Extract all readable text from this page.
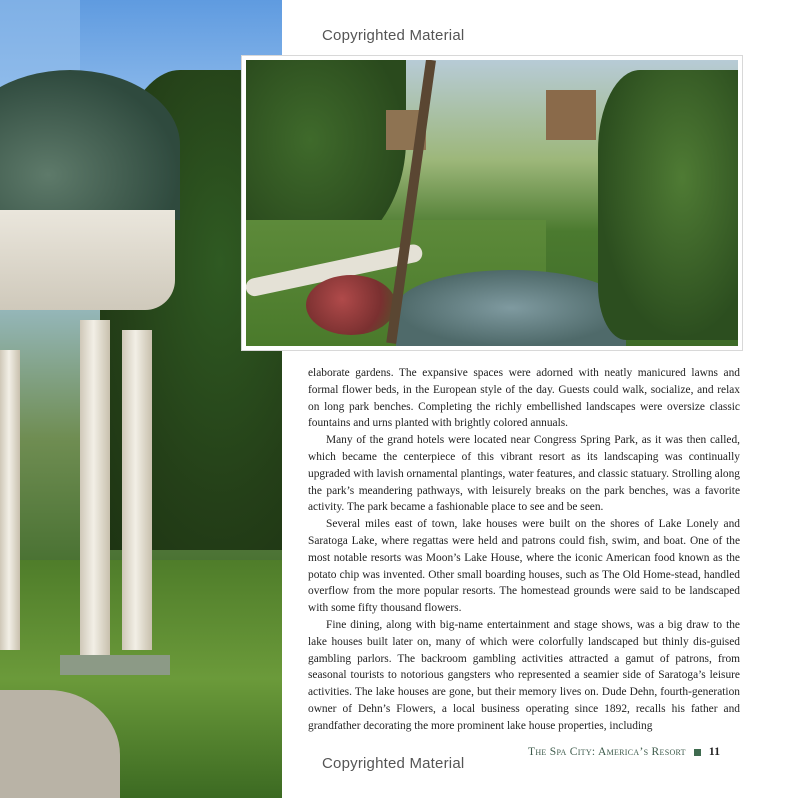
Copyrighted Material

elaborate gardens. The expansive spaces were adorned with neatly manicured lawns and formal flower beds, in the European style of the day. Guests could walk, socialize, and relax on long park benches. Completing the richly embellished landscapes were oversize classic fountains and urns planted with brightly colored annuals.

Many of the grand hotels were located near Congress Spring Park, as it was then called, which became the centerpiece of this vibrant resort as its landscaping was continually upgraded with lavish ornamental plantings, water features, and classic statuary. Strolling along the park’s meandering pathways, with leisurely breaks on the park benches, was a favorite activity. The park became a fashionable place to see and be seen.

Several miles east of town, lake houses were built on the shores of Lake Lonely and Saratoga Lake, where regattas were held and patrons could fish, swim, and boat. One of the most notable resorts was Moon’s Lake House, where the iconic American food known as the potato chip was invented. Other small boarding houses, such as The Old Home-stead, handled overflow from the more popular resorts. The homestead grounds were said to be landscaped with some fifty thousand flowers.

Fine dining, along with big-name entertainment and stage shows, was a big draw to the lake houses built later on, many of which were colorfully landscaped but thinly dis-guised gambling parlors. The backroom gambling activities attracted a gamut of patrons, from seasonal tourists to notorious gangsters who represented a seamier side of Saratoga’s leisure activities. The lake houses are gone, but their memory lives on. Dude Dehn, fourth-generation owner of Dehn’s Flowers, a local business operating since 1892, recalls his father and grandfather decorating the more prominent lake house properties, including

The Spa City: America’s Resort 11
Copyrighted Material
